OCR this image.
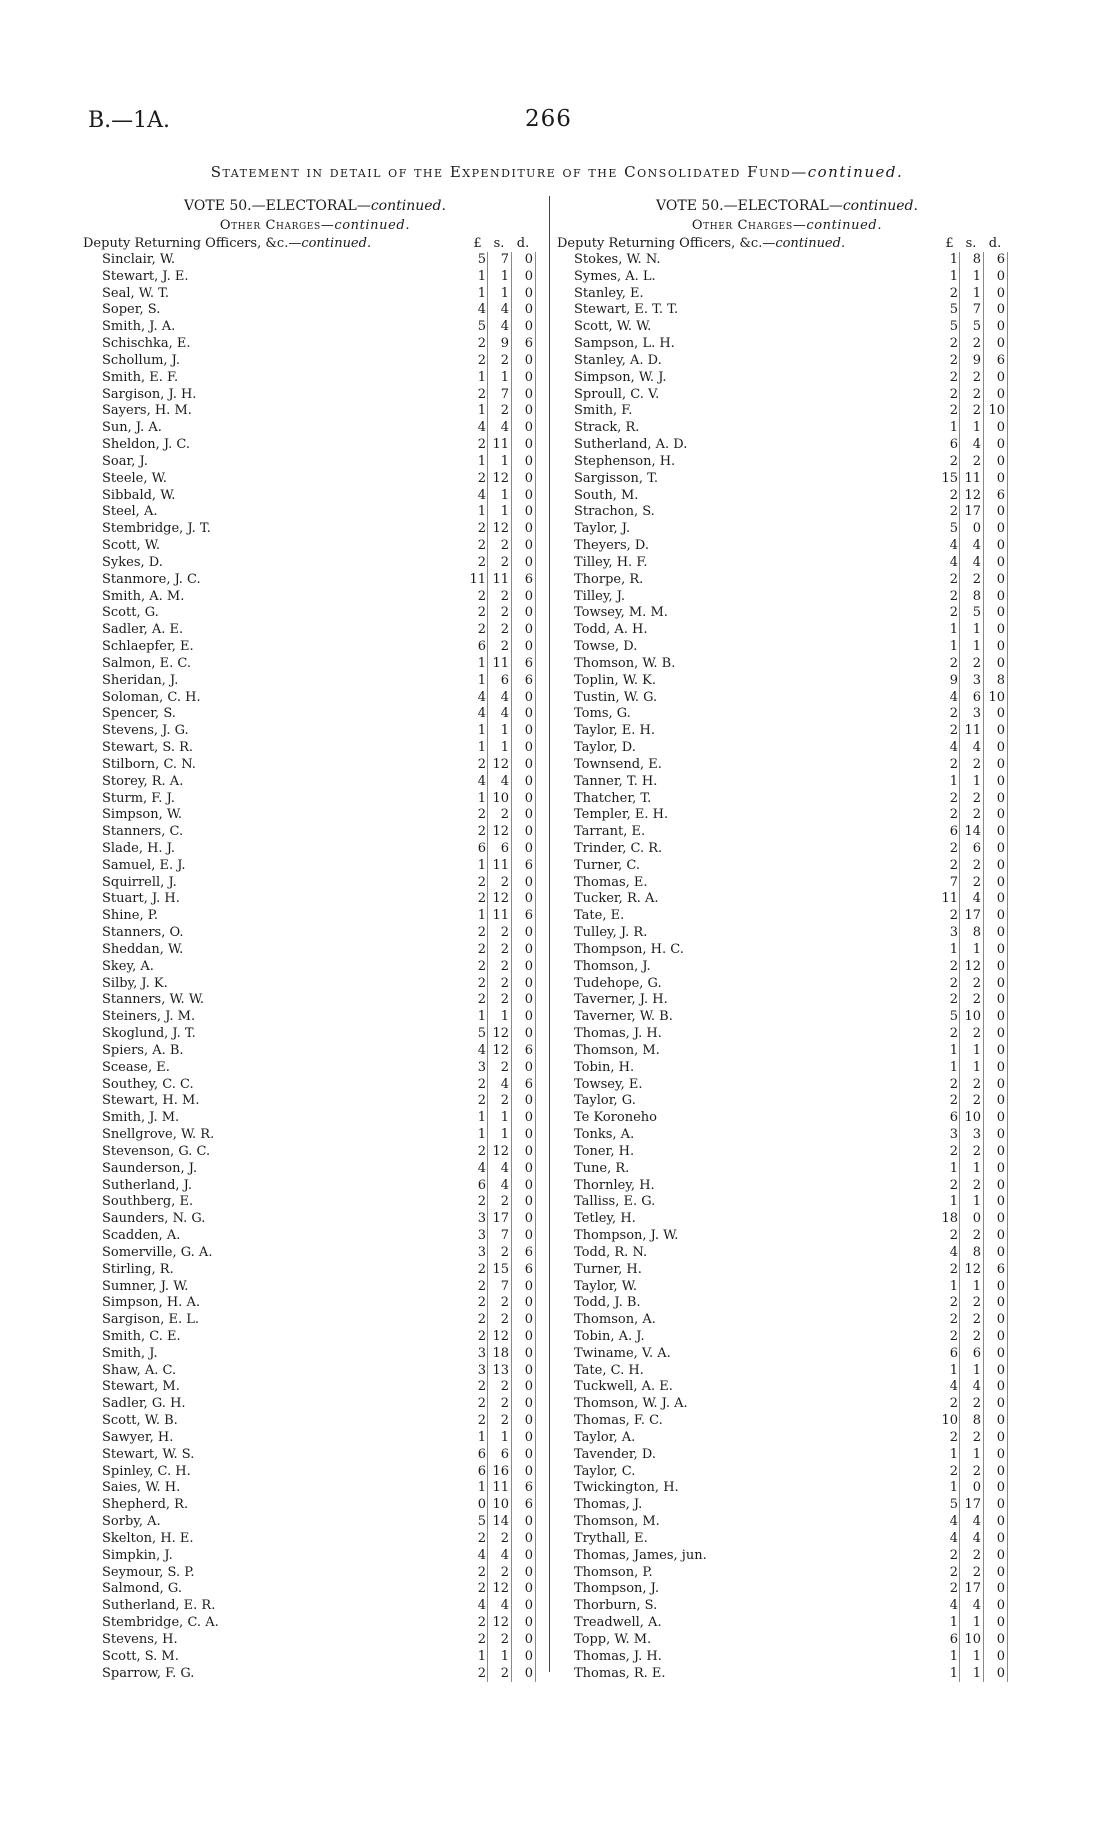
B.—1A.	266
Statement in detail of the Expenditure of the Consolidated Fund—continued.
VOTE 50.—ELECTORAL—continued.
Other Charges—continued.
Deputy Returning Officers, &c.—continued.	£ s. d.
Sinclair, W.	5	7	0
Stewart, J. E.	1	1	0
Seal, W. T.	1	1	0
Soper, S.	4	4	0
Smith, J. A.	5	4	0
Schischka, E.	2	9	6
Schollum, J.	2	2	0
Smith, E. F.	1	1	0
Sargison, J. H.	2	7	0
Sayers, H. M.	1	2	0
Sun, J. A.	4	4	0
Sheldon, J. C.	2 11	0
Soar, J.	1	1	0
Steele, W.	2 12	0
Sibbald, W.	4	1	0
Steel, A.	1	1	0
Stembridge, J. T.	2 12	0
Scott, W.	2	2	0
Sykes, D.	2	2	0
Stanmore, J. C.	11 11	6
Smith, A. M.	2	2	0
Scott, G.	2	2	0
Sadler, A. E.	2	2	0
Schlaepfer, E.	6	2	0
Salmon, E. C.	1 11	6
Sheridan, J.	1	6	6
Soloman, C. H.	4	4	0
Spencer, S.	4	4	0
Stevens, J. G.	1	1	0
Stewart, S. R.	1	1	0
Stilborn, C. N.	2 12	0
Storey, R. A.	4	4	0
Sturm, F. J.	1 10	0
Simpson, W.	2	2	0
Stanners, C.	2 12	0
Slade, H. J.	6	6	0
Samuel, E. J.	1 11	6
Squirrell, J.	2	2	0
Stuart, J. H.	2 12	0
Shine, P.	1 11	6
Stanners, O.	2	2	0
Sheddan, W.	2	2	0
Skey, A.	2	2	0
Silby, J. K.	2	2	0
Stanners, W. W.	2	2	0
Steiners, J. M.	1	1	0
Skoglund, J. T.	5 12	0
Spiers, A. B.	4 12	6
Scease, E.	3	2	0
Southey, C. C.	2	4	6
Stewart, H. M.	2	2	0
Smith, J. M.	1	1	0
Snellgrove, W. R.	1	1	0
Stevenson, G. C.	2 12	0
Saunderson, J.	4	4	0
Sutherland, J.	6	4	0
Southberg, E.	2	2	0
Saunders, N. G.	3 17	0
Scadden, A.	3	7	0
Somerville, G. A.	3	2	6
Stirling, R.	2 15	6
Sumner, J. W.	2	7	0
Simpson, H. A.	2	2	0
Sargison, E. L.	2	2	0
Smith, C. E.	2 12	0
Smith, J.	3 18	0
Shaw, A. C.	3 13	0
Stewart, M.	2	2	0
Sadler, G. H.	2	2	0
Scott, W. B.	2	2	0
Sawyer, H.	1	1	0
Stewart, W. S.	6	6	0
Spinley, C. H.	6 16	0
Saies, W. H.	1 11	6
Shepherd, R.	0 10	6
Sorby, A.	5 14	0
Skelton, H. E.	2	2	0
Simpkin, J.	4	4	0
Seymour, S. P.	2	2	0
Salmond, G.	2 12	0
Sutherland, E. R.	4	4	0
Stembridge, C. A.	2 12	0
Stevens, H.	2	2	0
Scott, S. M.	1	1	0
Sparrow, F. G.	2	2	0
VOTE 50.—ELECTORAL—continued.
Other Charges—continued.
Deputy Returning Officers, &c.—continued.	£ s. d.
Stokes, W. N.	1	8	6
Symes, A. L.	1	1	0
Stanley, E.	2	1	0
Stewart, E. T. T.	5	7	0
Scott, W. W.	5	5	0
Sampson, L. H.	2	2	0
Stanley, A. D.	2	9	6
Simpson, W. J.	2	2	0
Sproull, C. V.	2	2	0
Smith, F.	2	2 10
Strack, R.	1	1	0
Sutherland, A. D.	6	4	0
Stephenson, H.	2	2	0
Sargisson, T.	15 11	0
South, M.	2 12	6
Strachon, S.	2 17	0
Taylor, J.	5	0	0
Theyers, D.	4	4	0
Tilley, H. F.	4	4	0
Thorpe, R.	2	2	0
Tilley, J.	2	8	0
Towsey, M. M.	2	5	0
Todd, A. H.	1	1	0
Towse, D.	1	1	0
Thomson, W. B.	2	2	0
Toplin, W. K.	9	3	8
Tustin, W. G.	4	6 10
Toms, G.	2	3	0
Taylor, E. H.	2 11	0
Taylor, D.	4	4	0
Townsend, E.	2	2	0
Tanner, T. H.	1	1	0
Thatcher, T.	2	2	0
Templer, E. H.	2	2	0
Tarrant, E.	6 14	0
Trinder, C. R.	2	6	0
Turner, C.	2	2	0
Thomas, E.	7	2	0
Tucker, R. A.	11	4	0
Tate, E.	2 17	0
Tulley, J. R.	3	8	0
Thompson, H. C.	1	1	0
Thomson, J.	2 12	0
Tudehope, G.	2	2	0
Taverner, J. H.	2	2	0
Taverner, W. B.	5 10	0
Thomas, J. H.	2	2	0
Thomson, M.	1	1	0
Tobin, H.	1	1	0
Towsey, E.	2	2	0
Taylor, G.	2	2	0
Te Koroneho	6 10	0
Tonks, A.	3	3	0
Toner, H.	2	2	0
Tune, R.	1	1	0
Thornley, H.	2	2	0
Talliss, E. G.	1	1	0
Tetley, H.	18	0	0
Thompson, J. W.	2	2	0
Todd, R. N.	4	8	0
Turner, H.	2 12	6
Taylor, W.	1	1	0
Todd, J. B.	2	2	0
Thomson, A.	2	2	0
Tobin, A. J.	2	2	0
Twiname, V. A.	6	6	0
Tate, C. H.	1	1	0
Tuckwell, A. E.	4	4	0
Thomson, W. J. A.	2	2	0
Thomas, F. C.	10	8	0
Taylor, A.	2	2	0
Tavender, D.	1	1	0
Taylor, C.	2	2	0
Twickington, H.	1	0	0
Thomas, J.	5 17	0
Thomson, M.	4	4	0
Trythall, E.	4	4	0
Thomas, James, jun.	2	2	0
Thomson, P.	2	2	0
Thompson, J.	2 17	0
Thorburn, S.	4	4	0
Treadwell, A.	1	1	0
Topp, W. M.	6 10	0
Thomas, J. H.	1	1	0
Thomas, R. E.	1	1	0
